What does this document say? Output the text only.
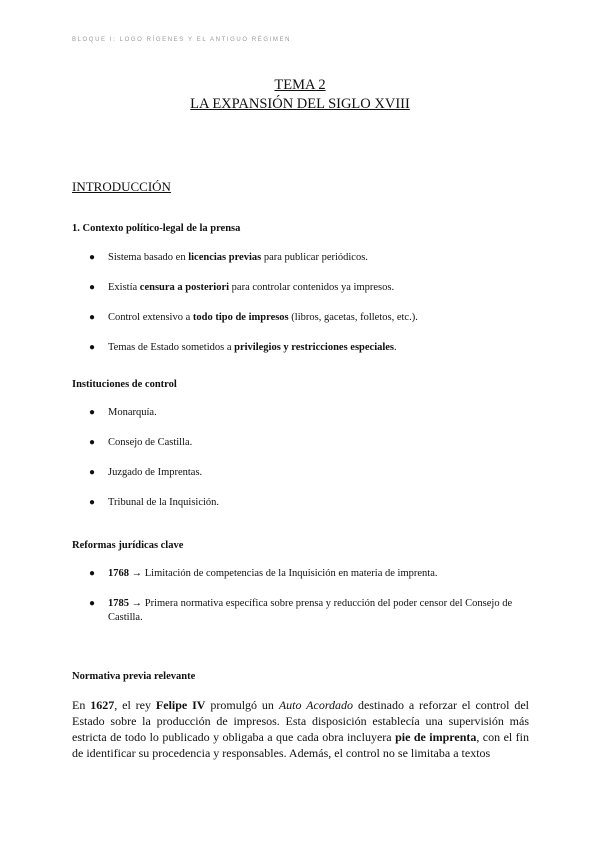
BLOQUE I: LOGO RÍGENES Y EL ANTIGUO RÉGIMEN

TEMA 2

LA EXPANSIÓN DEL SIGLO XVIII

INTRODUCCIÓN

1. Contexto político-legal de la prensa

● Sistema basado en licencias previas para publicar periódicos.
● Existía censura a posteriori para controlar contenidos ya impresos.
● Control extensivo a todo tipo de impresos (libros, gacetas, folletos, etc.).
● Temas de Estado sometidos a privilegios y restricciones especiales.

Instituciones de control

● Monarquía.
● Consejo de Castilla.
● Juzgado de Imprentas.
● Tribunal de la Inquisición.

Reformas jurídicas clave

● 1768 → Limitación de competencias de la Inquisición en materia de imprenta.
● 1785 → Primera normativa específica sobre prensa y reducción del poder censor del Consejo de Castilla.

Normativa previa relevante

En 1627, el rey Felipe IV promulgó un Auto Acordado destinado a reforzar el control del Estado sobre la producción de impresos. Esta disposición establecía una supervisión más estricta de todo lo publicado y obligaba a que cada obra incluyera pie de imprenta, con el fin de identificar su procedencia y responsables. Además, el control no se limitaba a textos
